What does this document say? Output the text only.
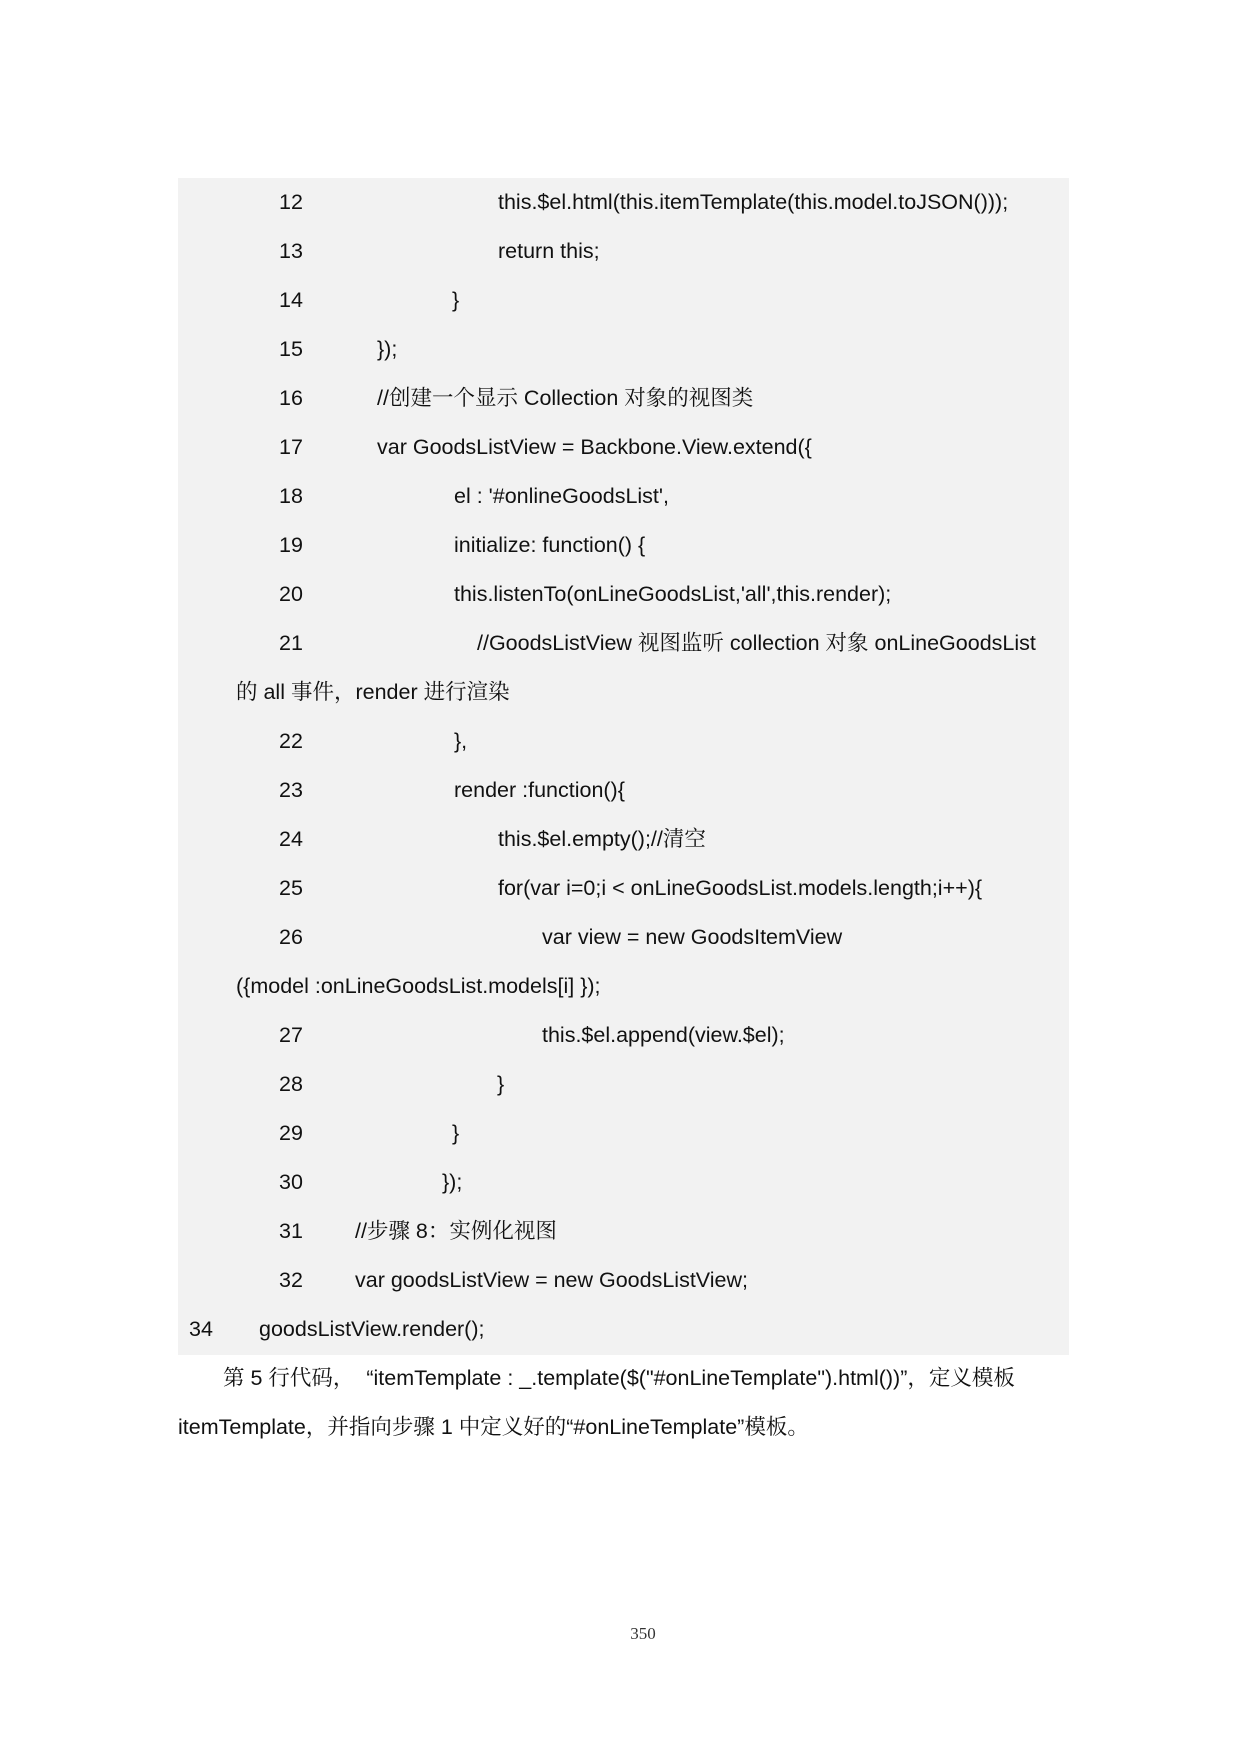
12	this.$el.html(this.itemTemplate(this.model.toJSON()));
13	return this;
14	}
15	});
16	//创建一个显示 Collection 对象的视图类
17	var GoodsListView = Backbone.View.extend({
18	el : '#onlineGoodsList',
19	initialize: function() {
20	this.listenTo(onLineGoodsList,'all',this.render);
21	//GoodsListView 视图监听 collection 对象 onLineGoodsList
的 all 事件，render 进行渲染
22	},
23	render :function(){
24	this.$el.empty();//清空
25	for(var i=0;i < onLineGoodsList.models.length;i++){
26	var view = new GoodsItemView
({model :onLineGoodsList.models[i] });
27	this.$el.append(view.$el);
28	}
29	}
30	});
31 //步骤 8：实例化视图
32 var goodsListView = new GoodsListView;
34 goodsListView.render();
第 5 行代码，  “itemTemplate : _.template($("#onLineTemplate").html())”，定义模板
itemTemplate，并指向步骤 1 中定义好的“#onLineTemplate”模板。
350
